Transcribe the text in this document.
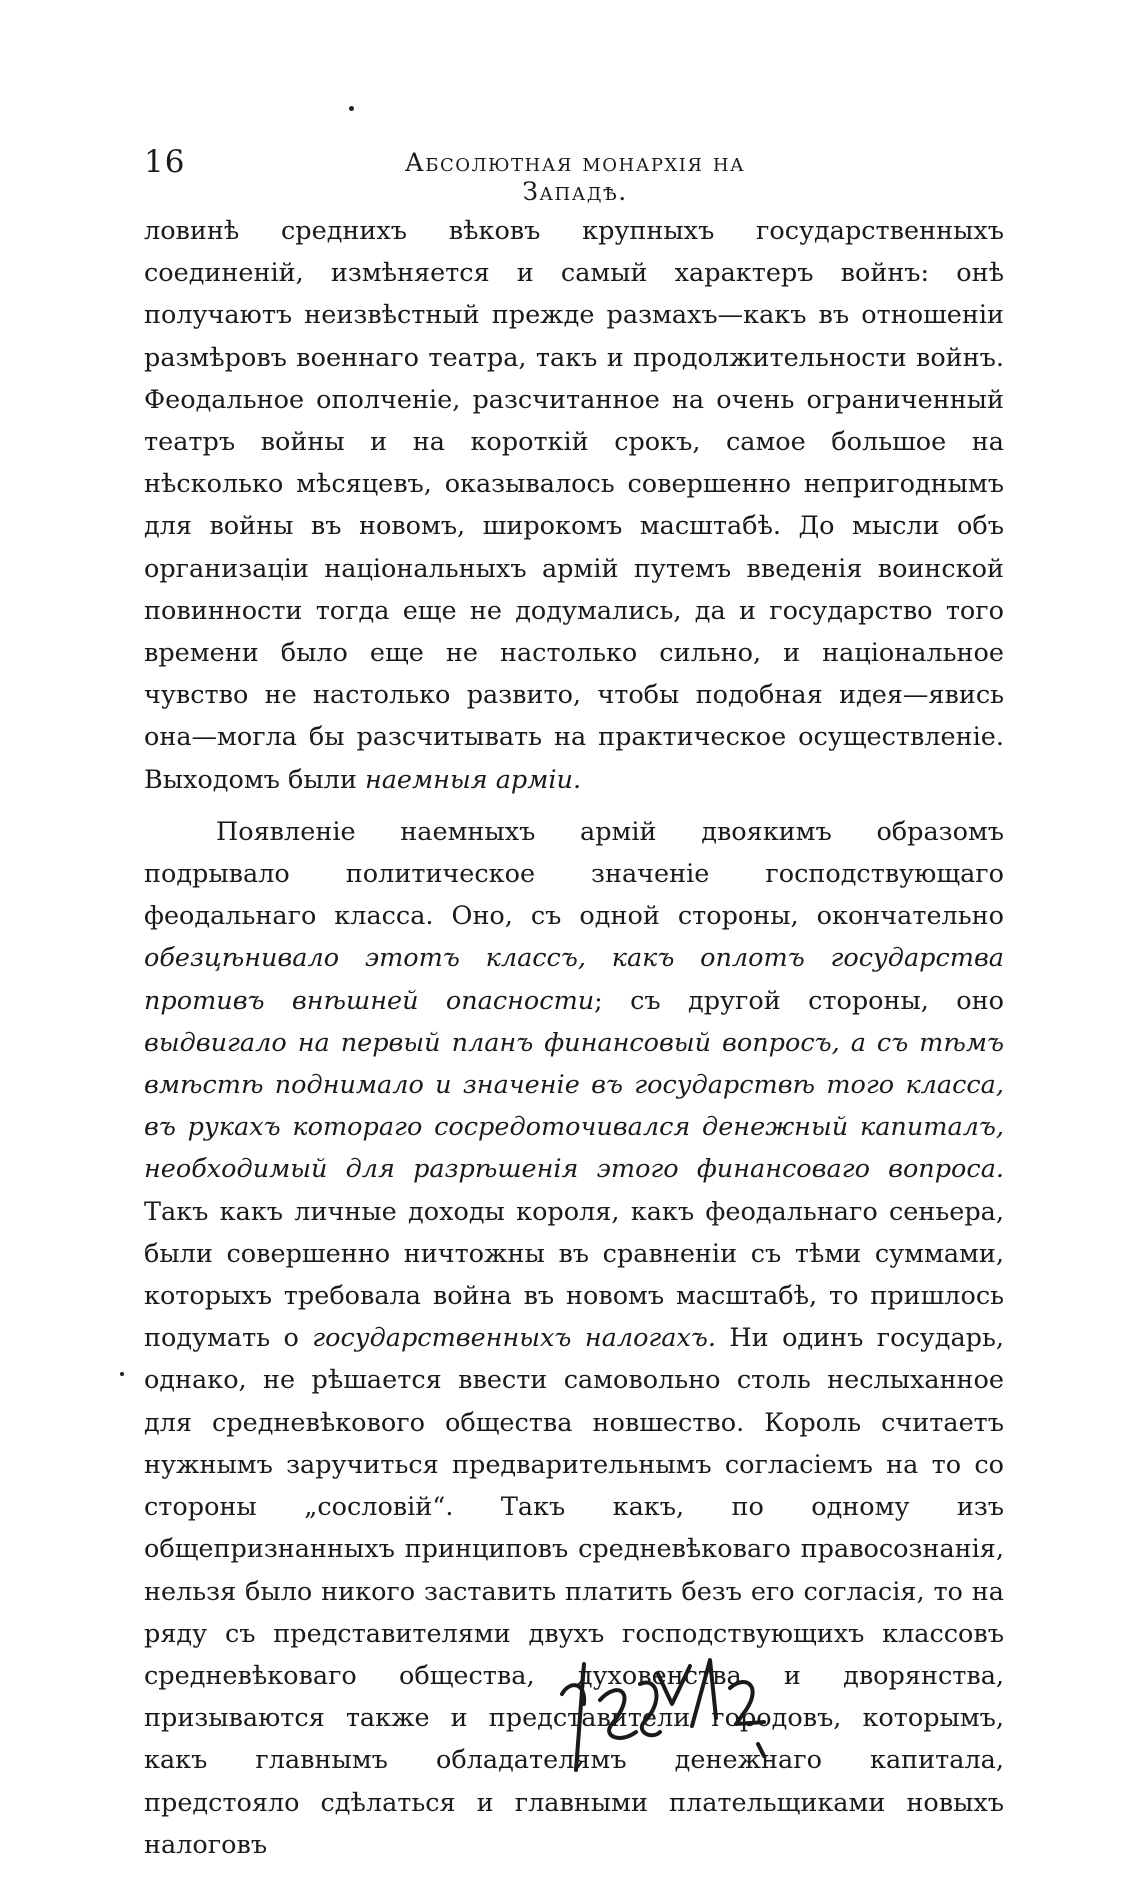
16	Абсолютная монархія на Западѣ.

ловинѣ среднихъ вѣковъ крупныхъ государственныхъ соединеній, измѣняется и самый характеръ войнъ: онѣ получаютъ неизвѣстный прежде размахъ—какъ въ отношеніи размѣровъ военнаго театра, такъ и продолжительности войнъ. Феодальное ополченіе, разсчитанное на очень ограниченный театръ войны и на короткій срокъ, самое большое на нѣсколько мѣсяцевъ, оказывалось совершенно непригоднымъ для войны въ новомъ, широкомъ масштабѣ. До мысли объ организаціи національныхъ армій путемъ введенія воинской повинности тогда еще не додумались, да и государство того времени было еще не настолько сильно, и національное чувство не настолько развито, чтобы подобная идея—явись она—могла бы разсчитывать на практическое осуществленіе. Выходомъ были наемныя арміи.

Появленіе наемныхъ армій двоякимъ образомъ подрывало политическое значеніе господствующаго феодальнаго класса. Оно, съ одной стороны, окончательно обезцѣнивало этотъ классъ, какъ оплотъ государства противъ внѣшней опасности; съ другой стороны, оно выдвигало на первый планъ финансовый вопросъ, а съ тѣмъ вмѣстѣ поднимало и значеніе въ государствѣ того класса, въ рукахъ котораго сосредоточивался денежный капиталъ, необходимый для разрѣшенія этого финансоваго вопроса. Такъ какъ личные доходы короля, какъ феодальнаго сеньера, были совершенно ничтожны въ сравненіи съ тѣми суммами, которыхъ требовала война въ новомъ масштабѣ, то пришлось подумать о государственныхъ налогахъ. Ни одинъ государь, однако, не рѣшается ввести самовольно столь неслыханное для средневѣкового общества новшество. Король считаетъ нужнымъ заручиться предварительнымъ согласіемъ на то со стороны „сословій“. Такъ какъ, по одному изъ общепризнанныхъ принциповъ средневѣковаго правосознанія, нельзя было никого заставить платить безъ его согласія, то на ряду съ представителями двухъ господствующихъ классовъ средневѣковаго общества, духовенства и дворянства, призываются также и представители городовъ, которымъ, какъ главнымъ обладателямъ денежнаго капитала, предстояло сдѣлаться и главными плательщиками новыхъ налоговъ
